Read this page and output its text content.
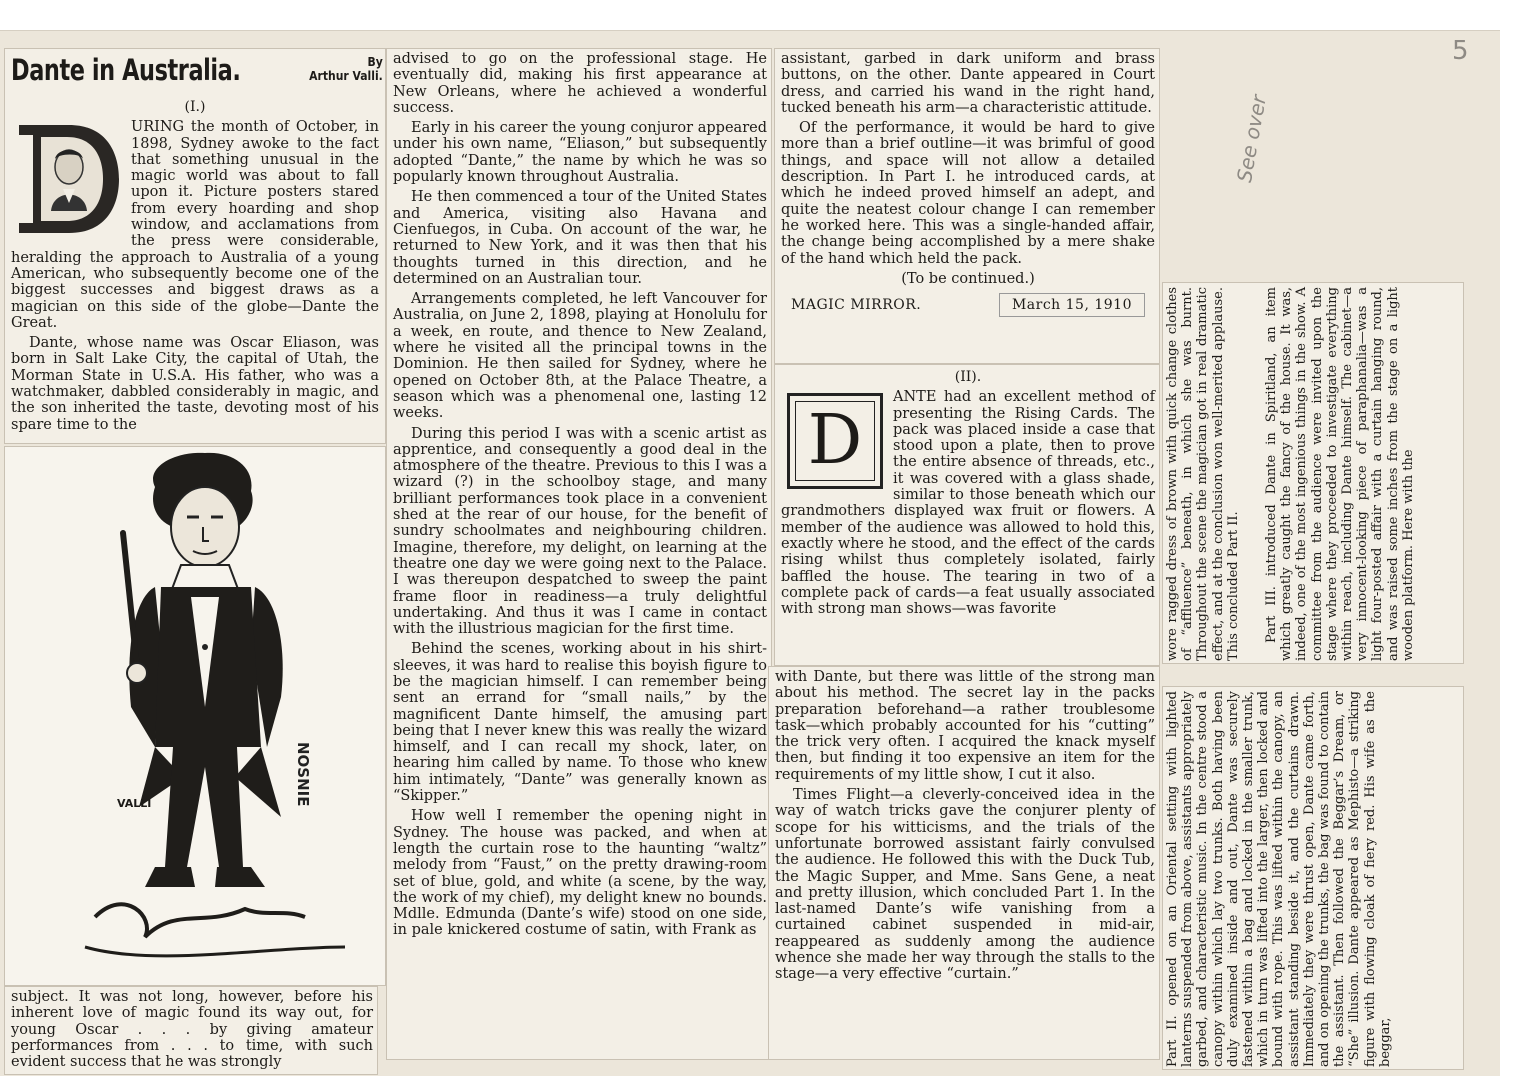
5
See over
Dante in Australia.	By
Arthur Valli.
(I.)

URING the month of October, in 1898, Sydney awoke to the fact that something unusual in the magic world was about to fall upon it. Picture posters stared from every hoarding and shop window, and acclamations from the press were considerable, heralding the approach to Australia of a young American, who subsequently become one of the biggest successes and biggest draws as a magician on this side of the globe—Dante the Great.

Dante, whose name was Oscar Eliason, was born in Salt Lake City, the capital of Utah, the Morman State in U.S.A. His father, who was a watchmaker, dabbled considerably in magic, and the son inherited the taste, devoting most of his spare time to the

VALLI	NOSNIE

subject. It was not long, however, before his inherent love of magic found its way out, for young Oscar . . . by giving amateur performances from . . . to time, with such evident success that he was strongly

advised to go on the professional stage. He eventually did, making his first appearance at New Orleans, where he achieved a wonderful success.

Early in his career the young conjuror appeared under his own name, “Eliason,” but subsequently adopted “Dante,” the name by which he was so popularly known throughout Australia.

He then commenced a tour of the United States and America, visiting also Havana and Cienfuegos, in Cuba. On account of the war, he returned to New York, and it was then that his thoughts turned in this direction, and he determined on an Australian tour.

Arrangements completed, he left Vancouver for Australia, on June 2, 1898, playing at Honolulu for a week, en route, and thence to New Zealand, where he visited all the principal towns in the Dominion. He then sailed for Sydney, where he opened on October 8th, at the Palace Theatre, a season which was a phenomenal one, lasting 12 weeks.

During this period I was with a scenic artist as apprentice, and consequently a good deal in the atmosphere of the theatre. Previous to this I was a wizard (?) in the schoolboy stage, and many brilliant performances took place in a convenient shed at the rear of our house, for the benefit of sundry schoolmates and neighbouring children. Imagine, therefore, my delight, on learning at the theatre one day we were going next to the Palace. I was thereupon despatched to sweep the paint frame floor in readiness—a truly delightful undertaking. And thus it was I came in contact with the illustrious magician for the first time.

Behind the scenes, working about in his shirt-sleeves, it was hard to realise this boyish figure to be the magician himself. I can remember being sent an errand for “small nails,” by the magnificent Dante himself, the amusing part being that I never knew this was really the wizard himself, and I can recall my shock, later, on hearing him called by name. To those who knew him intimately, “Dante” was generally known as “Skipper.”

How well I remember the opening night in Sydney. The house was packed, and when at length the curtain rose to the haunting “waltz” melody from “Faust,” on the pretty drawing-room set of blue, gold, and white (a scene, by the way, the work of my chief), my delight knew no bounds. Mdlle. Edmunda (Dante’s wife) stood on one side, in pale knickered costume of satin, with Frank as

assistant, garbed in dark uniform and brass buttons, on the other. Dante appeared in Court dress, and carried his wand in the right hand, tucked beneath his arm—a characteristic attitude.

Of the performance, it would be hard to give more than a brief outline—it was brimful of good things, and space will not allow a detailed description. In Part I. he introduced cards, at which he indeed proved himself an adept, and quite the neatest colour change I can remember he worked here. This was a single-handed affair, the change being accomplished by a mere shake of the hand which held the pack.

(To be continued.)
MAGIC MIRROR.	March 15, 1910
(II).
D

ANTE had an excellent method of presenting the Rising Cards. The pack was placed inside a case that stood upon a plate, then to prove the entire absence of threads, etc., it was covered with a glass shade, similar to those beneath which our grandmothers displayed wax fruit or flowers. A member of the audience was allowed to hold this, exactly where he stood, and the effect of the cards rising whilst thus completely isolated, fairly baffled the house. The tearing in two of a complete pack of cards—a feat usually associated with strong man shows—was favorite

with Dante, but there was little of the strong man about his method. The secret lay in the packs preparation beforehand—a rather troublesome task—which probably accounted for his “cutting” the trick very often. I acquired the knack myself then, but finding it too expensive an item for the requirements of my little show, I cut it also.

Times Flight—a cleverly-conceived idea in the way of watch tricks gave the conjurer plenty of scope for his witticisms, and the trials of the unfortunate borrowed assistant fairly convulsed the audience. He followed this with the Duck Tub, the Magic Supper, and Mme. Sans Gene, a neat and pretty illusion, which concluded Part 1. In the last-named Dante’s wife vanishing from a curtained cabinet suspended in mid-air, reappeared as suddenly among the audience whence she made her way through the stalls to the stage—a very effective “curtain.”

wore ragged dress of brown with quick change clothes of “affluence” beneath, in which she was burnt. Throughout the scene the magician got in real dramatic effect, and at the conclusion won well-merited applause. This concluded Part II. Part III. introduced Dante in Spiritland, an item which greatly caught the fancy of the house. It was, indeed, one of the most ingenious things in the show. A committee from the audience were invited upon the stage where they proceeded to investigate everything within reach, including Dante himself. The cabinet—a very innocent-looking piece of paraphanalia—was a light four-posted affair with a curtain hanging round, and was raised some inches from the stage on a light wooden platform. Here with the

Part II. opened on an Oriental setting with lighted lanterns suspended from above, assistants appropriately garbed, and characteristic music. In the centre stood a canopy within which lay two trunks. Both having been duly examined inside and out, Dante was securely fastened within a bag and locked in the smaller trunk, which in turn was lifted into the larger, then locked and bound with rope. This was lifted within the canopy, an assistant standing beside it, and the curtains drawn. Immediately they were thrust open, Dante came forth, and on opening the trunks, the bag was found to contain the assistant. Then followed the Beggar’s Dream, or “She” illusion. Dante appeared as Mephisto—a striking figure with flowing cloak of fiery red. His wife as the beggar,
